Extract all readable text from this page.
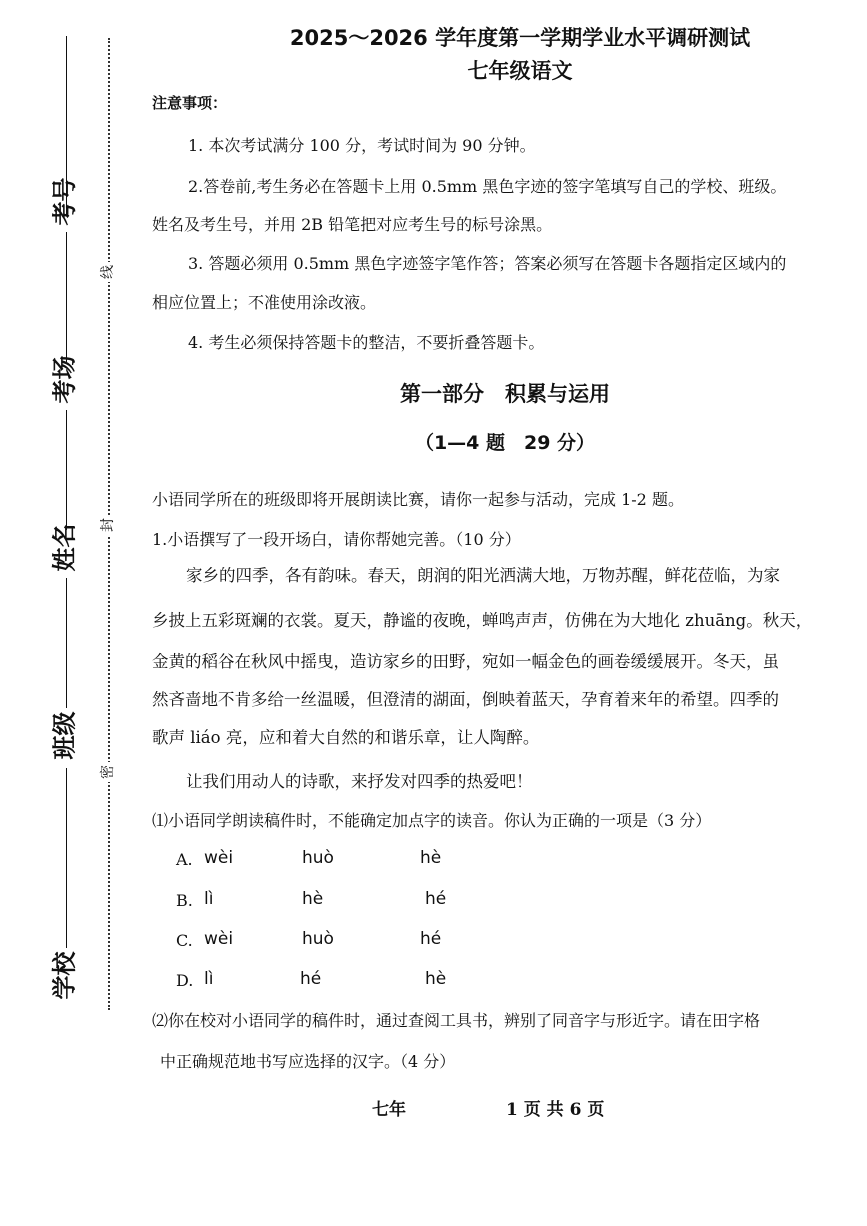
考号
考场
姓名
班级
学校
线
封
密
2025～2026 学年度第一学期学业水平调研测试
七年级语文
注意事项：
1. 本次考试满分 100 分，考试时间为 90 分钟。
2.答卷前,考生务必在答题卡上用 0.5mm 黑色字迹的签字笔填写自己的学校、班级。
姓名及考生号，并用 2B 铅笔把对应考生号的标号涂黑。
3. 答题必须用 0.5mm 黑色字迹签字笔作答；答案必须写在答题卡各题指定区域内的
相应位置上；不准使用涂改液。
4. 考生必须保持答题卡的整洁，不要折叠答题卡。
第一部分　积累与运用
（1—4 题　29 分）
小语同学所在的班级即将开展朗读比赛，请你一起参与活动，完成 1-2 题。
1.小语撰写了一段开场白，请你帮她完善。（10 分）
家乡的四季，各有韵味。春天，朗润的阳光洒满大地，万物苏醒，鲜花莅临，为家
乡披上五彩斑斓的衣裳。夏天，静谧的夜晚，蝉鸣声声，仿佛在为大地化 zhuāng。秋天，
金黄的稻谷在秋风中摇曳，造访家乡的田野，宛如一幅金色的画卷缓缓展开。冬天，虽
然吝啬地不肯多给一丝温暖，但澄清的湖面，倒映着蓝天，孕育着来年的希望。四季的
歌声 liáo 亮，应和着大自然的和谐乐章，让人陶醉。
让我们用动人的诗歌，来抒发对四季的热爱吧！
⑴小语同学朗读稿件时，不能确定加点字的读音。你认为正确的一项是（3 分）
A. wèi	huò	hè
B. lì	hè	hé
C. wèi	huò	hé
D. lì	hé	hè
⑵你在校对小语同学的稿件时，通过查阅工具书，辨别了同音字与形近字。请在田字格
中正确规范地书写应选择的汉字。（4 分）
七年	1 页 共 6 页
